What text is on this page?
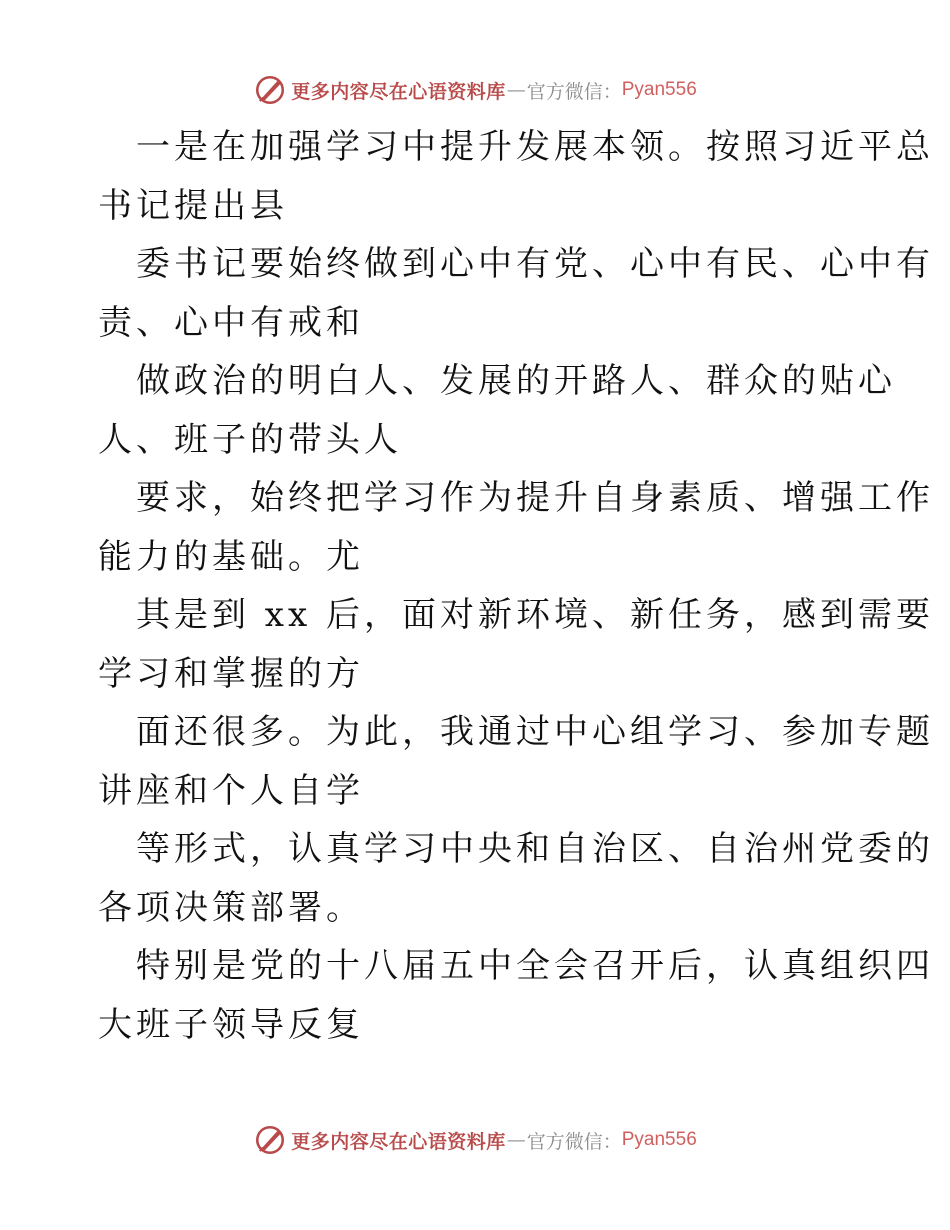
更多内容尽在心语资料库 — 官方微信： Pyan556
一是在加强学习中提升发展本领。按照习近平总
书记提出县
委书记要始终做到心中有党、心中有民、心中有
责、心中有戒和
做政治的明白人、发展的开路人、群众的贴心
人、班子的带头人
要求，始终把学习作为提升自身素质、增强工作
能力的基础。尤
其是到 xx 后，面对新环境、新任务，感到需要
学习和掌握的方
面还很多。为此，我通过中心组学习、参加专题
讲座和个人自学
等形式，认真学习中央和自治区、自治州党委的
各项决策部署。
特别是党的十八届五中全会召开后，认真组织四
大班子领导反复
更多内容尽在心语资料库 — 官方微信： Pyan556
